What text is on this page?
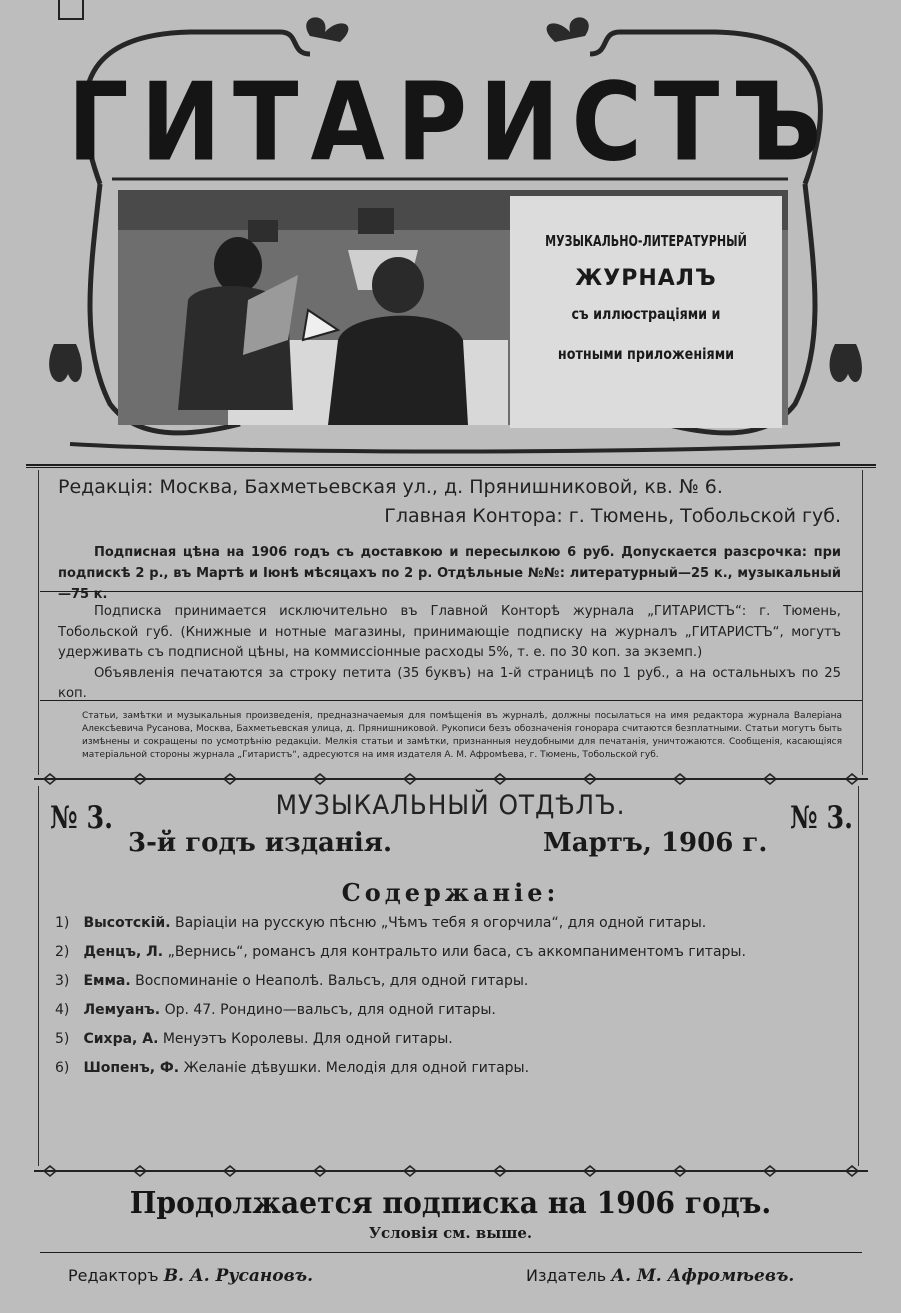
ГИТАРИСТЪ
МУЗЫКАЛЬНО-ЛИТЕРАТУРНЫЙ
ЖУРНАЛЪ
съ иллюстраціями и
нотными приложеніями
Редакція: Москва, Бахметьевская ул., д. Прянишниковой, кв. № 6.
Главная Контора: г. Тюмень, Тобольской губ.
Подписная цѣна на 1906 годъ съ доставкою и пересылкою 6 руб. Допускается разсрочка: при подпискѣ 2 р., въ Мартѣ и Іюнѣ мѣсяцахъ по 2 р. Отдѣльные №№: литературный—25 к., музыкальный—75 к.

Подписка принимается исключительно въ Главной Конторѣ журнала „ГИТАРИСТЪ“: г. Тюмень, Тобольской губ. (Книжные и нотные магазины, принимающіе подписку на журналъ „ГИТАРИСТЪ“, могутъ удерживать съ подписной цѣны, на коммиссіонные расходы 5%, т. е. по 30 коп. за экземп.)

Объявленія печатаются за строку петита (35 буквъ) на 1-й страницѣ по 1 руб., а на остальныхъ по 25 коп.

Статьи, замѣтки и музыкальныя произведенія, предназначаемыя для помѣщенія въ журналѣ, должны посылаться на имя редактора журнала Валеріана Алексѣевича Русанова, Москва, Бахметьевская улица, д. Прянишниковой. Рукописи безъ обозначенія гонорара считаются безплатными. Статьи могутъ быть измѣнены и сокращены по усмотрѣнію редакціи. Мелкія статьи и замѣтки, признанныя неудобными для печатанія, уничтожаются. Сообщенія, касающіяся матеріальной стороны журнала „Гитаристъ“, адресуются на имя издателя А. М. Афромѣева, г. Тюмень, Тобольской губ.
№ 3.	№ 3.
МУЗЫКАЛЬНЫЙ ОТДѢЛЪ.
3-й годъ изданія.	Мартъ, 1906 г.
Содержаніе:
1) Высотскій. Варіаціи на русскую пѣсню „Чѣмъ тебя я огорчила“, для одной гитары.
2) Денцъ, Л. „Вернись“, романсъ для контральто или баса, съ аккомпаниментомъ гитары.
3) Емма. Воспоминаніе о Неаполѣ. Вальсъ, для одной гитары.
4) Лемуанъ. Ор. 47. Рондино—вальсъ, для одной гитары.
5) Сихра, А. Менуэтъ Королевы. Для одной гитары.
6) Шопенъ, Ф. Желаніе дѣвушки. Мелодія для одной гитары.
Продолжается подписка на 1906 годъ.
Условія см. выше.
Редакторъ В. А. Русановъ.	Издатель А. М. Афромѣевъ.
